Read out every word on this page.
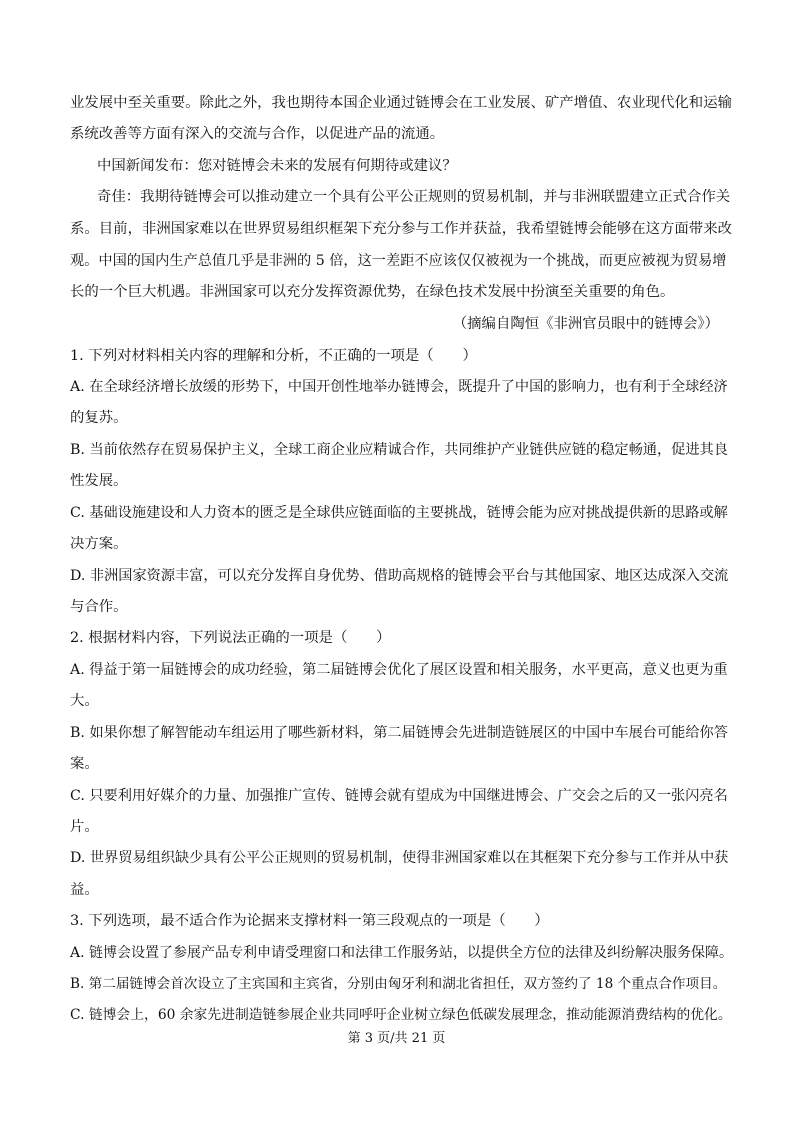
业发展中至关重要。除此之外，我也期待本国企业通过链博会在工业发展、矿产增值、农业现代化和运输
系统改善等方面有深入的交流与合作，以促进产品的流通。
中国新闻发布：您对链博会未来的发展有何期待或建议？
奇佳：我期待链博会可以推动建立一个具有公平公正规则的贸易机制，并与非洲联盟建立正式合作关
系。目前，非洲国家难以在世界贸易组织框架下充分参与工作并获益，我希望链博会能够在这方面带来改
观。中国的国内生产总值几乎是非洲的 5 倍，这一差距不应该仅仅被视为一个挑战，而更应被视为贸易增
长的一个巨大机遇。非洲国家可以充分发挥资源优势，在绿色技术发展中扮演至关重要的角色。
（摘编自陶恒《非洲官员眼中的链博会》）
1. 下列对材料相关内容的理解和分析，不正确的一项是（　　）
A. 在全球经济增长放缓的形势下，中国开创性地举办链博会，既提升了中国的影响力，也有利于全球经济
的复苏。
B. 当前依然存在贸易保护主义，全球工商企业应精诚合作，共同维护产业链供应链的稳定畅通，促进其良
性发展。
C. 基础设施建设和人力资本的匮乏是全球供应链面临的主要挑战，链博会能为应对挑战提供新的思路或解
决方案。
D. 非洲国家资源丰富，可以充分发挥自身优势、借助高规格的链博会平台与其他国家、地区达成深入交流
与合作。
2. 根据材料内容，下列说法正确的一项是（　　）
A. 得益于第一届链博会的成功经验，第二届链博会优化了展区设置和相关服务，水平更高，意义也更为重
大。
B. 如果你想了解智能动车组运用了哪些新材料，第二届链博会先进制造链展区的中国中车展台可能给你答
案。
C. 只要利用好媒介的力量、加强推广宣传、链博会就有望成为中国继进博会、广交会之后的又一张闪亮名
片。
D. 世界贸易组织缺少具有公平公正规则的贸易机制，使得非洲国家难以在其框架下充分参与工作并从中获
益。
3. 下列选项，最不适合作为论据来支撑材料一第三段观点的一项是（　　）
A. 链博会设置了参展产品专利申请受理窗口和法律工作服务站，以提供全方位的法律及纠纷解决服务保障。
B. 第二届链博会首次设立了主宾国和主宾省，分别由匈牙利和湖北省担任，双方签约了 18 个重点合作项目。
C. 链博会上，60 余家先进制造链参展企业共同呼吁企业树立绿色低碳发展理念，推动能源消费结构的优化。
第 3 页/共 21 页
